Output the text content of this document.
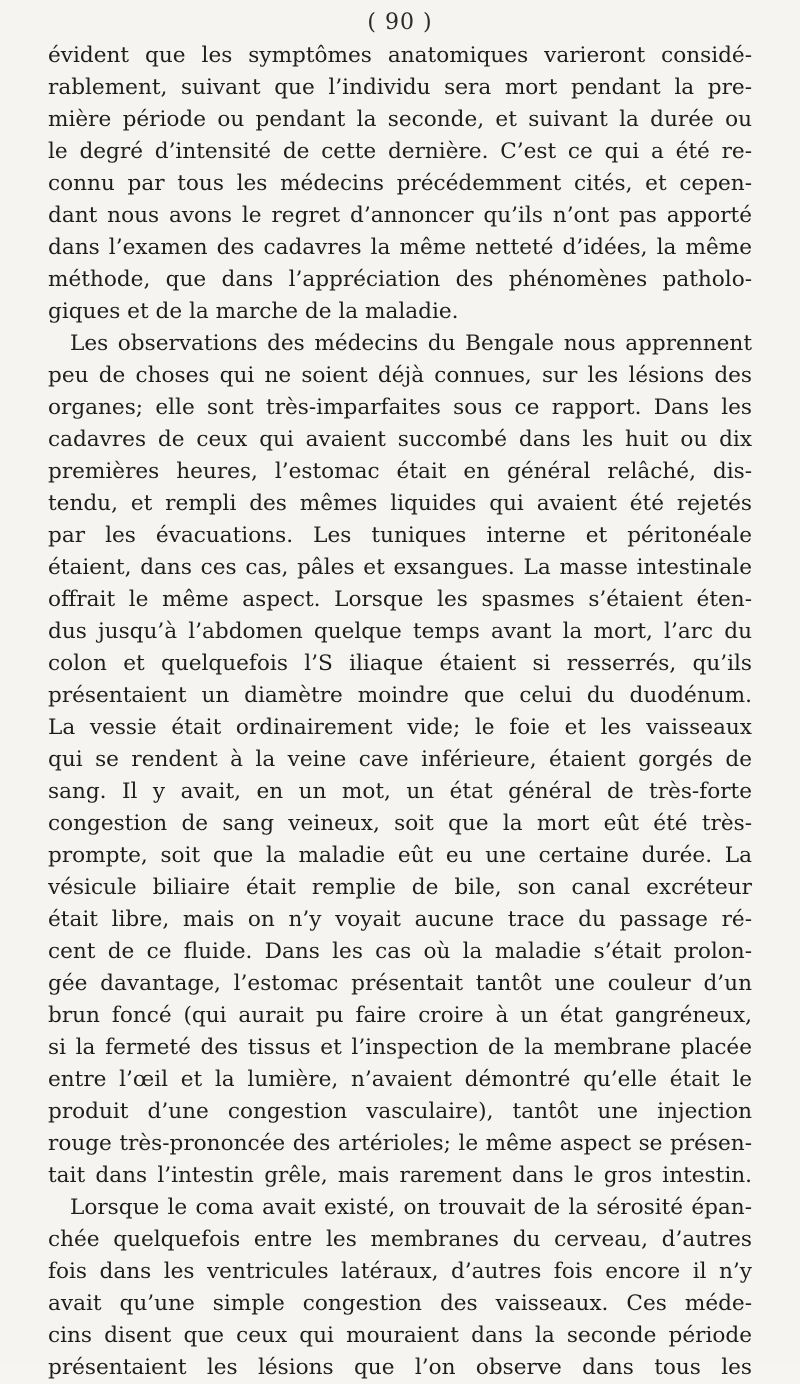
( 90 )
évident que les symptômes anatomiques varieront considé-
rablement, suivant que l’individu sera mort pendant la pre-
mière période ou pendant la seconde, et suivant la durée ou
le degré d’intensité de cette dernière. C’est ce qui a été re-
connu par tous les médecins précédemment cités, et cepen-
dant nous avons le regret d’annoncer qu’ils n’ont pas apporté
dans l’examen des cadavres la même netteté d’idées, la même
méthode, que dans l’appréciation des phénomènes patholo-
giques et de la marche de la maladie.
Les observations des médecins du Bengale nous apprennent
peu de choses qui ne soient déjà connues, sur les lésions des
organes; elle sont très-imparfaites sous ce rapport. Dans les
cadavres de ceux qui avaient succombé dans les huit ou dix
premières heures, l’estomac était en général relâché, dis-
tendu, et rempli des mêmes liquides qui avaient été rejetés
par les évacuations. Les tuniques interne et péritonéale
étaient, dans ces cas, pâles et exsangues. La masse intestinale
offrait le même aspect. Lorsque les spasmes s’étaient éten-
dus jusqu’à l’abdomen quelque temps avant la mort, l’arc du
colon et quelquefois l’S iliaque étaient si resserrés, qu’ils
présentaient un diamètre moindre que celui du duodénum.
La vessie était ordinairement vide; le foie et les vaisseaux
qui se rendent à la veine cave inférieure, étaient gorgés de
sang. Il y avait, en un mot, un état général de très-forte
congestion de sang veineux, soit que la mort eût été très-
prompte, soit que la maladie eût eu une certaine durée. La
vésicule biliaire était remplie de bile, son canal excréteur
était libre, mais on n’y voyait aucune trace du passage ré-
cent de ce fluide. Dans les cas où la maladie s’était prolon-
gée davantage, l’estomac présentait tantôt une couleur d’un
brun foncé (qui aurait pu faire croire à un état gangréneux,
si la fermeté des tissus et l’inspection de la membrane placée
entre l’œil et la lumière, n’avaient démontré qu’elle était le
produit d’une congestion vasculaire), tantôt une injection
rouge très-prononcée des artérioles; le même aspect se présen-
tait dans l’intestin grêle, mais rarement dans le gros intestin.
Lorsque le coma avait existé, on trouvait de la sérosité épan-
chée quelquefois entre les membranes du cerveau, d’autres
fois dans les ventricules latéraux, d’autres fois encore il n’y
avait qu’une simple congestion des vaisseaux. Ces méde-
cins disent que ceux qui mouraient dans la seconde période
présentaient les lésions que l’on observe dans tous les
